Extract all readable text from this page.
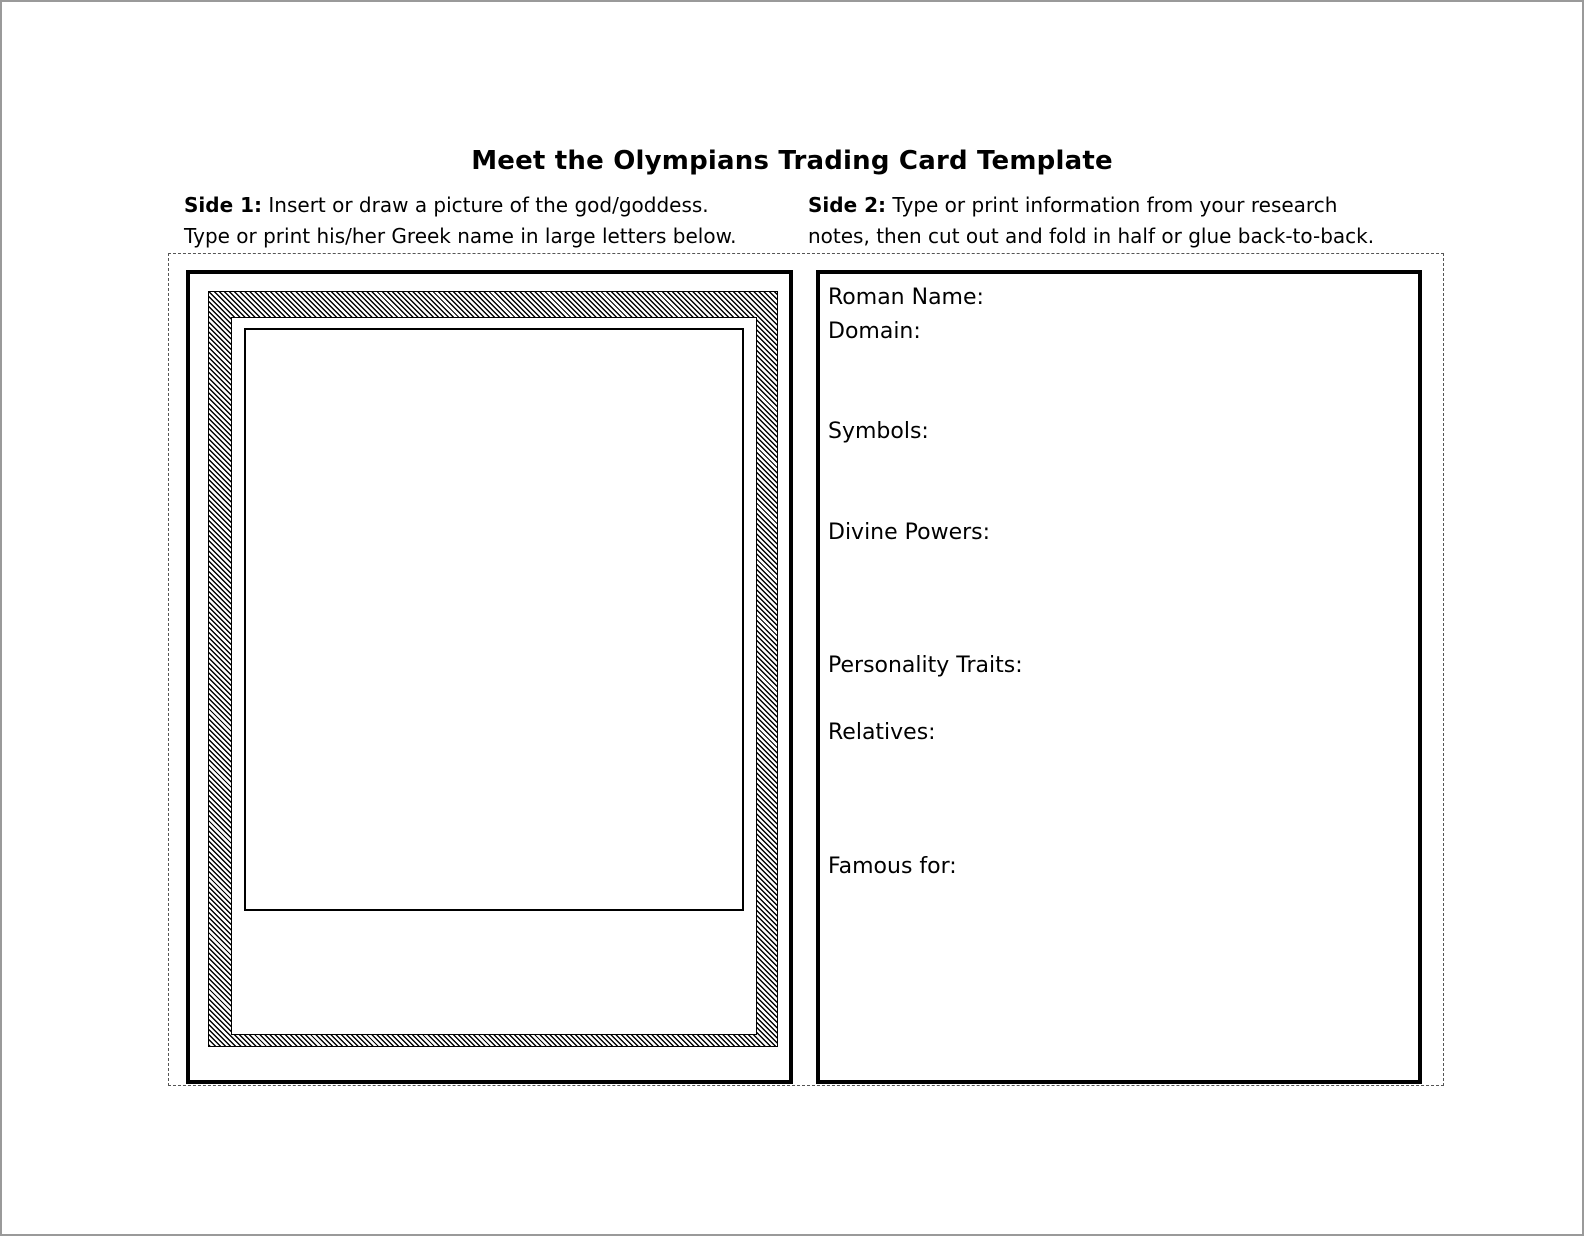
Meet the Olympians Trading Card Template
Side 1: Insert or draw a picture of the god/goddess.
Type or print his/her Greek name in large letters below.
Side 2: Type or print information from your research
notes, then cut out and fold in half or glue back-to-back.
Roman Name:
Domain:
Symbols:
Divine Powers:
Personality Traits:
Relatives:
Famous for:
